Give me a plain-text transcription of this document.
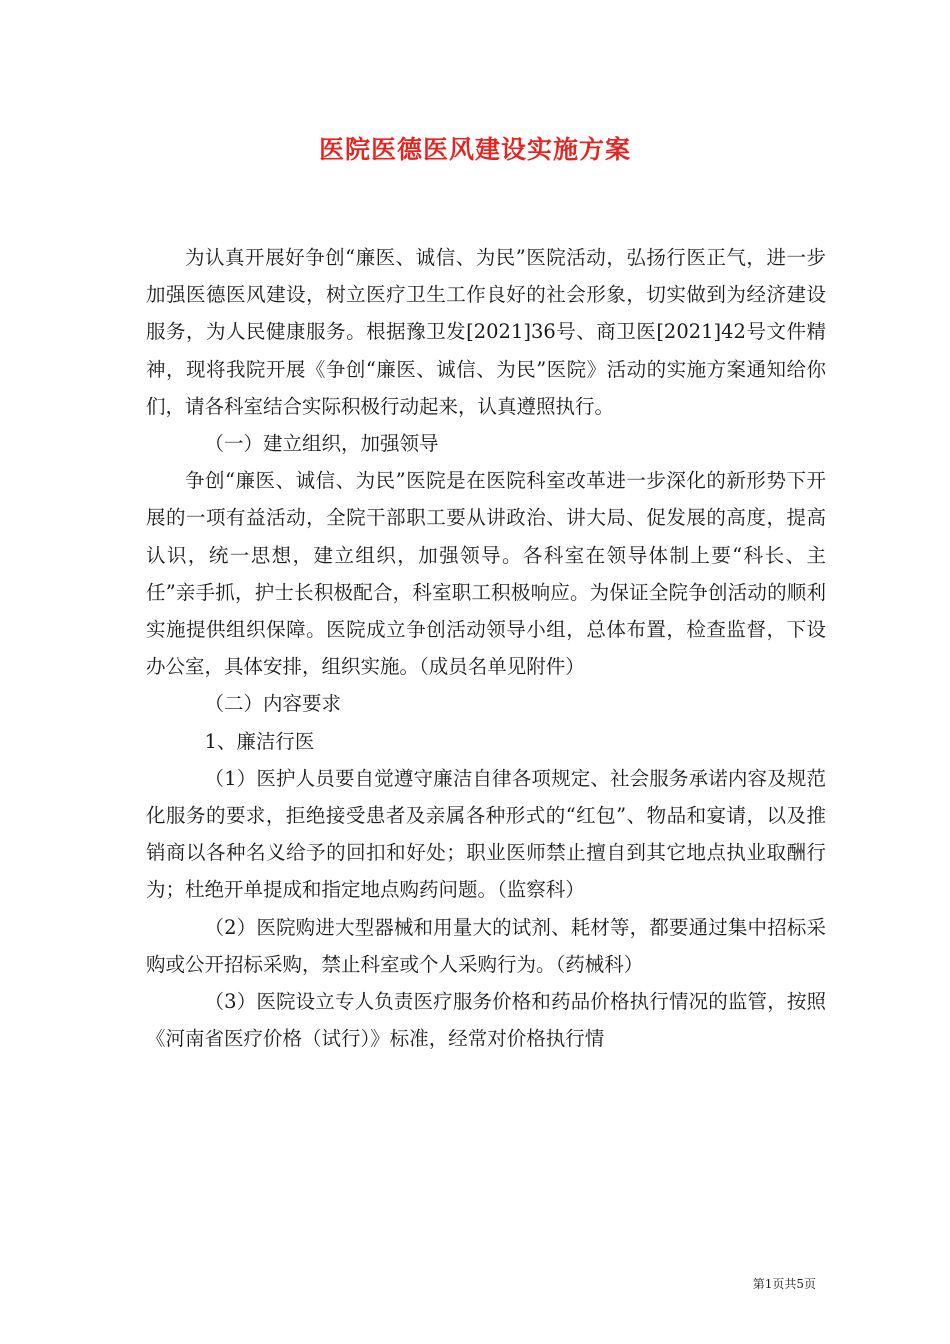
医院医德医风建设实施方案

为认真开展好争创“廉医、诚信、为民”医院活动，弘扬行医正气，进一步加强医德医风建设，树立医疗卫生工作良好的社会形象，切实做到为经济建设服务，为人民健康服务。根据豫卫发[2021]36号、商卫医[2021]42号文件精神，现将我院开展《争创“廉医、诚信、为民”医院》活动的实施方案通知给你们，请各科室结合实际积极行动起来，认真遵照执行。

（一）建立组织，加强领导

争创“廉医、诚信、为民”医院是在医院科室改革进一步深化的新形势下开展的一项有益活动，全院干部职工要从讲政治、讲大局、促发展的高度，提高认识，统一思想，建立组织，加强领导。各科室在领导体制上要“科长、主任”亲手抓，护士长积极配合，科室职工积极响应。为保证全院争创活动的顺利实施提供组织保障。医院成立争创活动领导小组，总体布置，检查监督，下设办公室，具体安排，组织实施。（成员名单见附件）

（二）内容要求

1、廉洁行医

（1）医护人员要自觉遵守廉洁自律各项规定、社会服务承诺内容及规范化服务的要求，拒绝接受患者及亲属各种形式的“红包”、物品和宴请，以及推销商以各种名义给予的回扣和好处；职业医师禁止擅自到其它地点执业取酬行为；杜绝开单提成和指定地点购药问题。（监察科）

（2）医院购进大型器械和用量大的试剂、耗材等，都要通过集中招标采购或公开招标采购，禁止科室或个人采购行为。（药械科）

（3）医院设立专人负责医疗服务价格和药品价格执行情况的监管，按照《河南省医疗价格（试行）》标准，经常对价格执行情

第1页共5页
